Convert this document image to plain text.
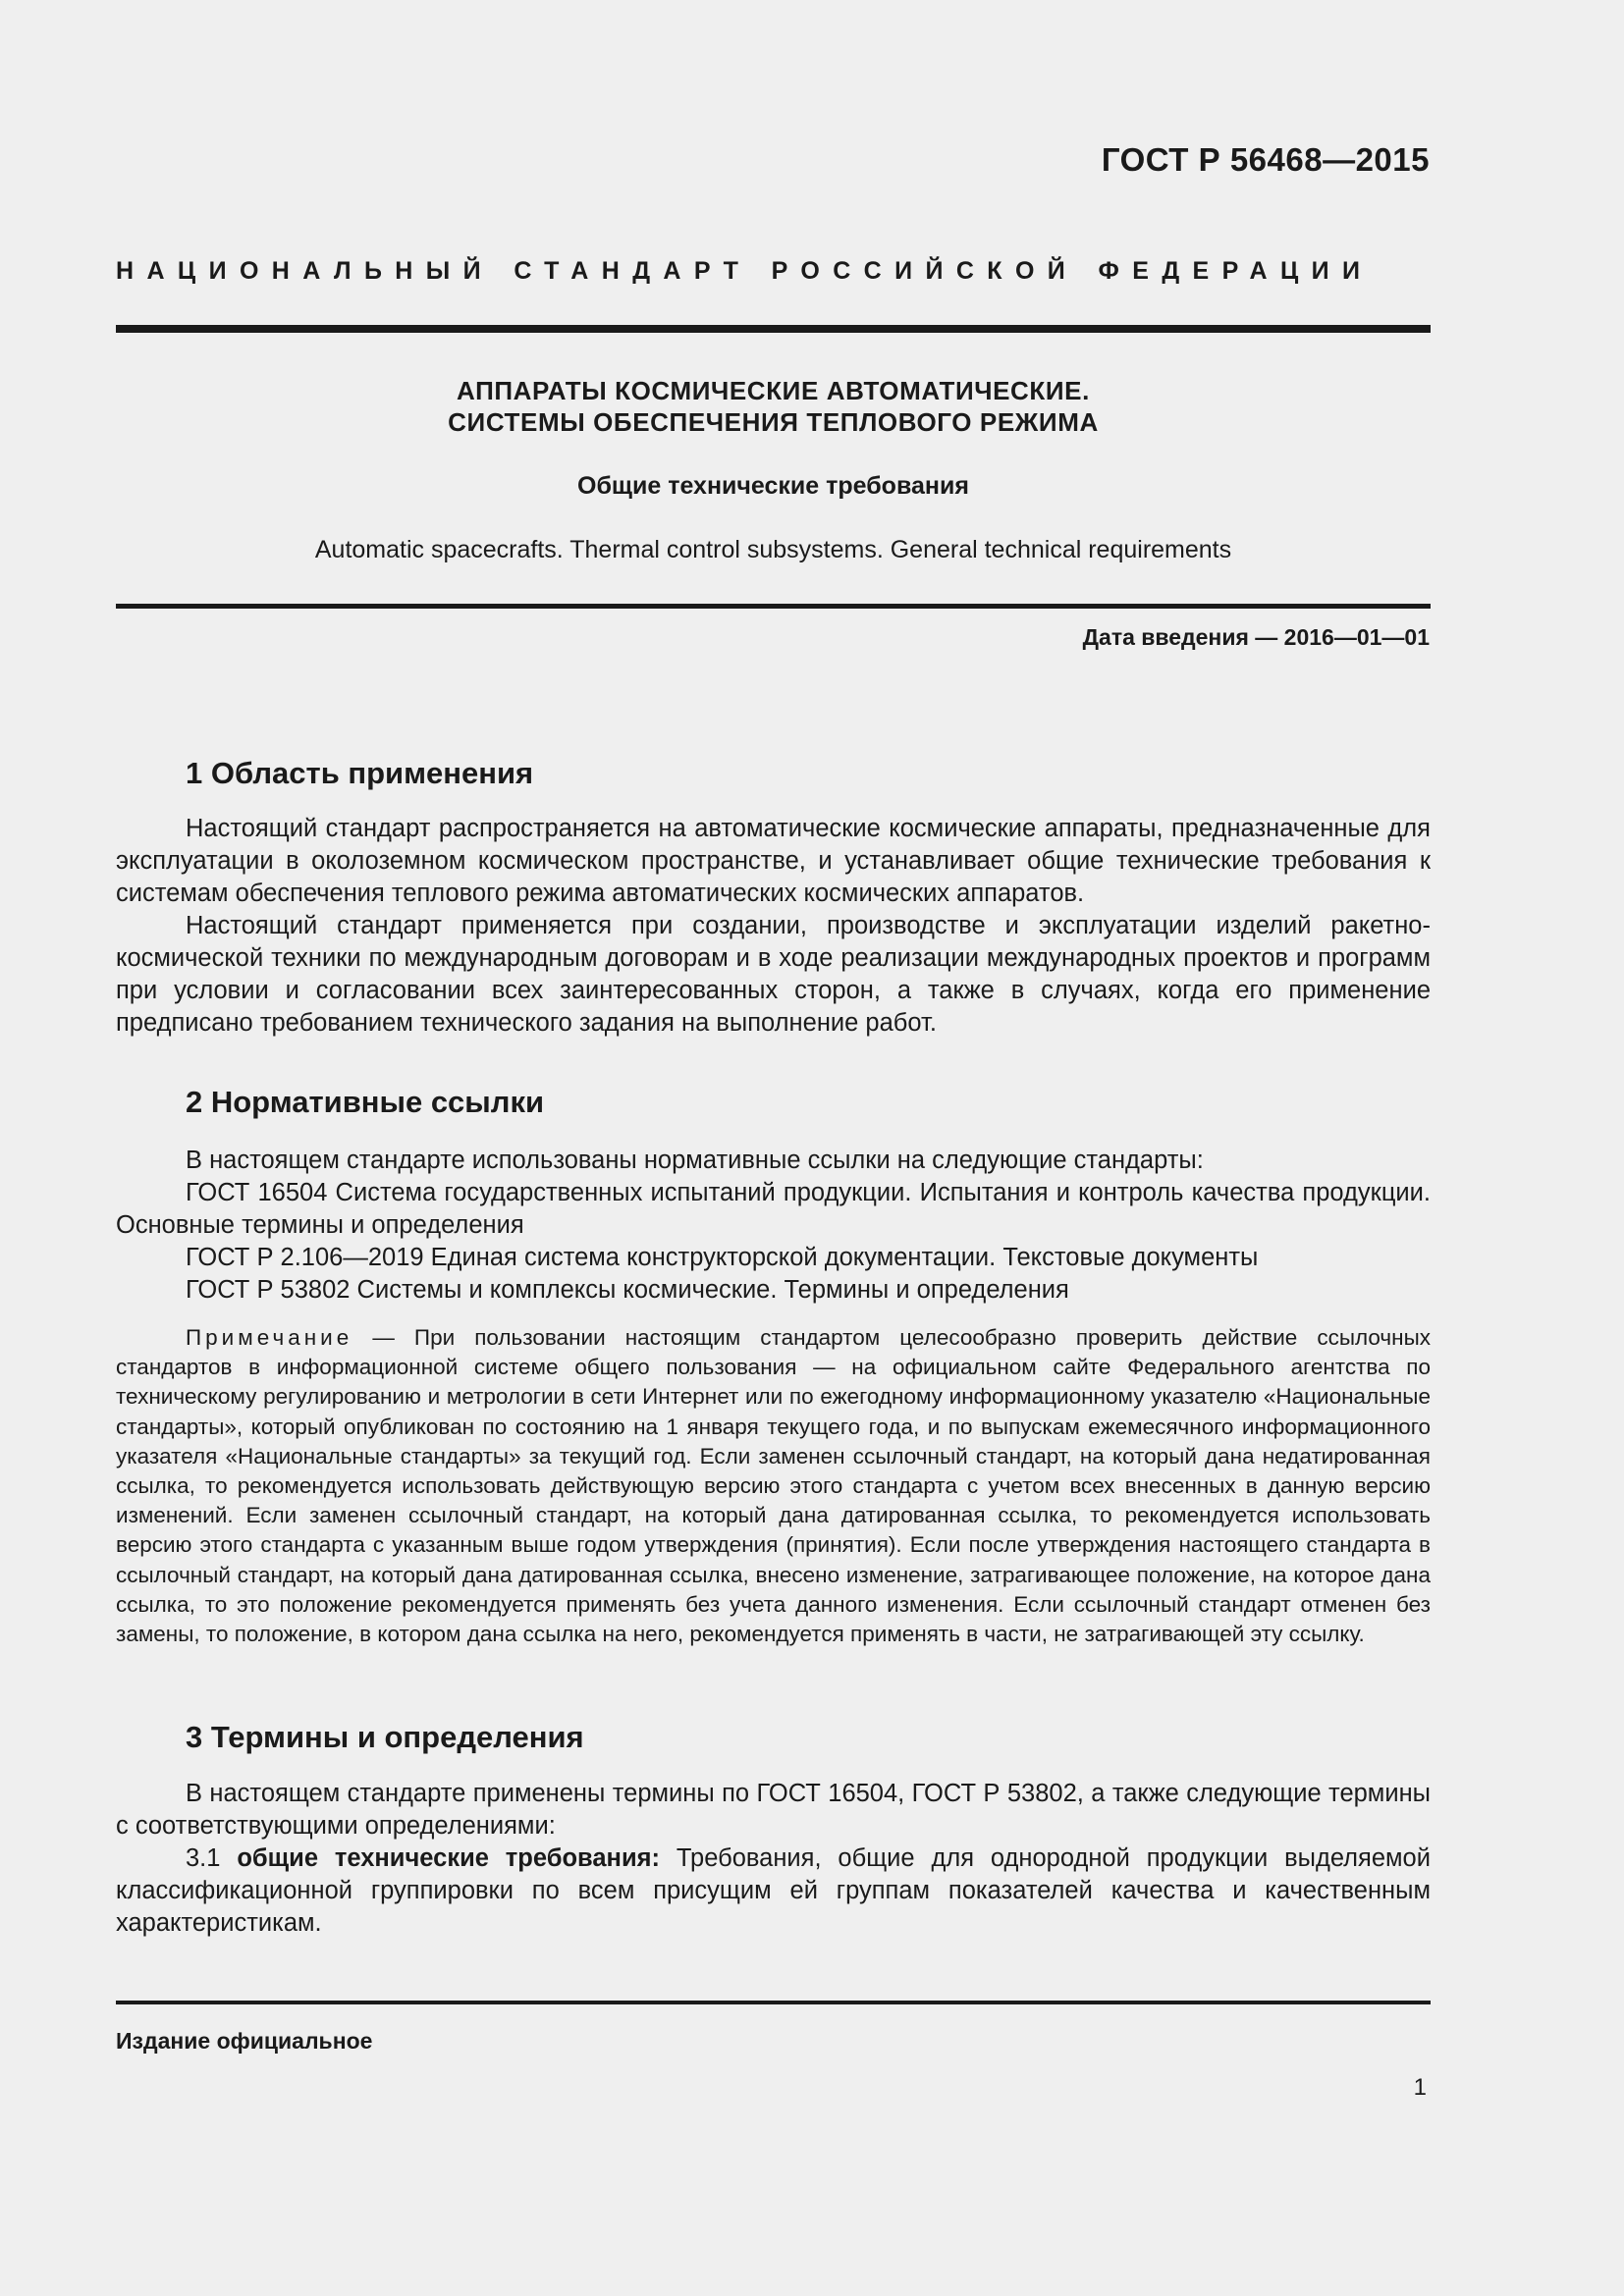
ГОСТ Р 56468—2015
НАЦИОНАЛЬНЫЙ СТАНДАРТ РОССИЙСКОЙ ФЕДЕРАЦИИ
АППАРАТЫ КОСМИЧЕСКИЕ АВТОМАТИЧЕСКИЕ.
СИСТЕМЫ ОБЕСПЕЧЕНИЯ ТЕПЛОВОГО РЕЖИМА
Общие технические требования
Automatic spacecrafts. Thermal control subsystems. General technical requirements
Дата введения — 2016—01—01
1 Область применения

Настоящий стандарт распространяется на автоматические космические аппараты, предназначенные для эксплуатации в околоземном космическом пространстве, и устанавливает общие технические требования к системам обеспечения теплового режима автоматических космических аппаратов.

Настоящий стандарт применяется при создании, производстве и эксплуатации изделий ракетно-космической техники по международным договорам и в ходе реализации международных проектов и программ при условии и согласовании всех заинтересованных сторон, а также в случаях, когда его применение предписано требованием технического задания на выполнение работ.

2 Нормативные ссылки

В настоящем стандарте использованы нормативные ссылки на следующие стандарты:

ГОСТ 16504 Система государственных испытаний продукции. Испытания и контроль качества продукции. Основные термины и определения

ГОСТ Р 2.106—2019 Единая система конструкторской документации. Текстовые документы

ГОСТ Р 53802 Системы и комплексы космические. Термины и определения

Примечание — При пользовании настоящим стандартом целесообразно проверить действие ссылочных стандартов в информационной системе общего пользования — на официальном сайте Федерального агентства по техническому регулированию и метрологии в сети Интернет или по ежегодному информационному указателю «Национальные стандарты», который опубликован по состоянию на 1 января текущего года, и по выпускам ежемесячного информационного указателя «Национальные стандарты» за текущий год. Если заменен ссылочный стандарт, на который дана недатированная ссылка, то рекомендуется использовать действующую версию этого стандарта с учетом всех внесенных в данную версию изменений. Если заменен ссылочный стандарт, на который дана датированная ссылка, то рекомендуется использовать версию этого стандарта с указанным выше годом утверждения (принятия). Если после утверждения настоящего стандарта в ссылочный стандарт, на который дана датированная ссылка, внесено изменение, затрагивающее положение, на которое дана ссылка, то это положение рекомендуется применять без учета данного изменения. Если ссылочный стандарт отменен без замены, то положение, в котором дана ссылка на него, рекомендуется применять в части, не затрагивающей эту ссылку.

3 Термины и определения

В настоящем стандарте применены термины по ГОСТ 16504, ГОСТ Р 53802, а также следующие термины с соответствующими определениями:

3.1 общие технические требования: Требования, общие для однородной продукции выделяемой классификационной группировки по всем присущим ей группам показателей качества и качественным характеристикам.

Издание официальное
1
